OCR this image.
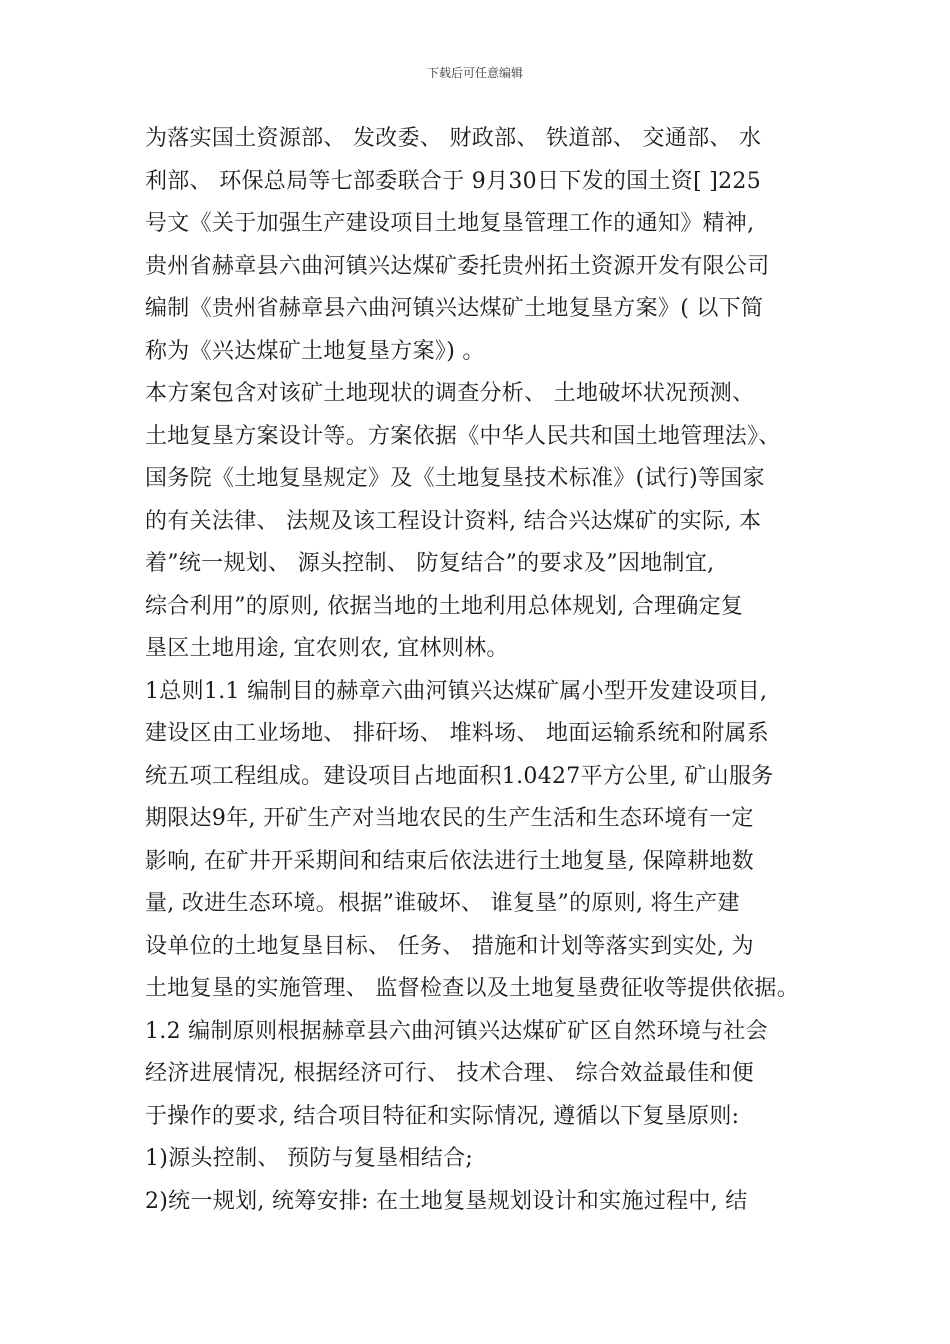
下载后可任意编辑
为落实国土资源部、 发改委、 财政部、 铁道部、 交通部、 水
利部、 环保总局等七部委联合于 9月30日下发的国土资[ ]225
号文《关于加强生产建设项目土地复垦管理工作的通知》精神,
贵州省赫章县六曲河镇兴达煤矿委托贵州拓土资源开发有限公司
编制《贵州省赫章县六曲河镇兴达煤矿土地复垦方案》( 以下简
称为《兴达煤矿土地复垦方案》) 。
本方案包含对该矿土地现状的调查分析、 土地破坏状况预测、
土地复垦方案设计等。方案依据《中华人民共和国土地管理法》、
国务院《土地复垦规定》及《土地复垦技术标准》(试行)等国家
的有关法律、 法规及该工程设计资料, 结合兴达煤矿的实际, 本
着”统一规划、 源头控制、 防复结合”的要求及”因地制宜,
综合利用”的原则, 依据当地的土地利用总体规划, 合理确定复
垦区土地用途, 宜农则农, 宜林则林。
1总则1.1 编制目的赫章六曲河镇兴达煤矿属小型开发建设项目,
建设区由工业场地、 排矸场、 堆料场、 地面运输系统和附属系
统五项工程组成。建设项目占地面积1.0427平方公里, 矿山服务
期限达9年, 开矿生产对当地农民的生产生活和生态环境有一定
影响, 在矿井开采期间和结束后依法进行土地复垦, 保障耕地数
量, 改进生态环境。根据”谁破坏、 谁复垦”的原则, 将生产建
设单位的土地复垦目标、 任务、 措施和计划等落实到实处, 为
土地复垦的实施管理、 监督检查以及土地复垦费征收等提供依据。
1.2 编制原则根据赫章县六曲河镇兴达煤矿矿区自然环境与社会
经济进展情况, 根据经济可行、 技术合理、 综合效益最佳和便
于操作的要求, 结合项目特征和实际情况, 遵循以下复垦原则:
1)源头控制、 预防与复垦相结合;
2)统一规划, 统筹安排: 在土地复垦规划设计和实施过程中, 结
